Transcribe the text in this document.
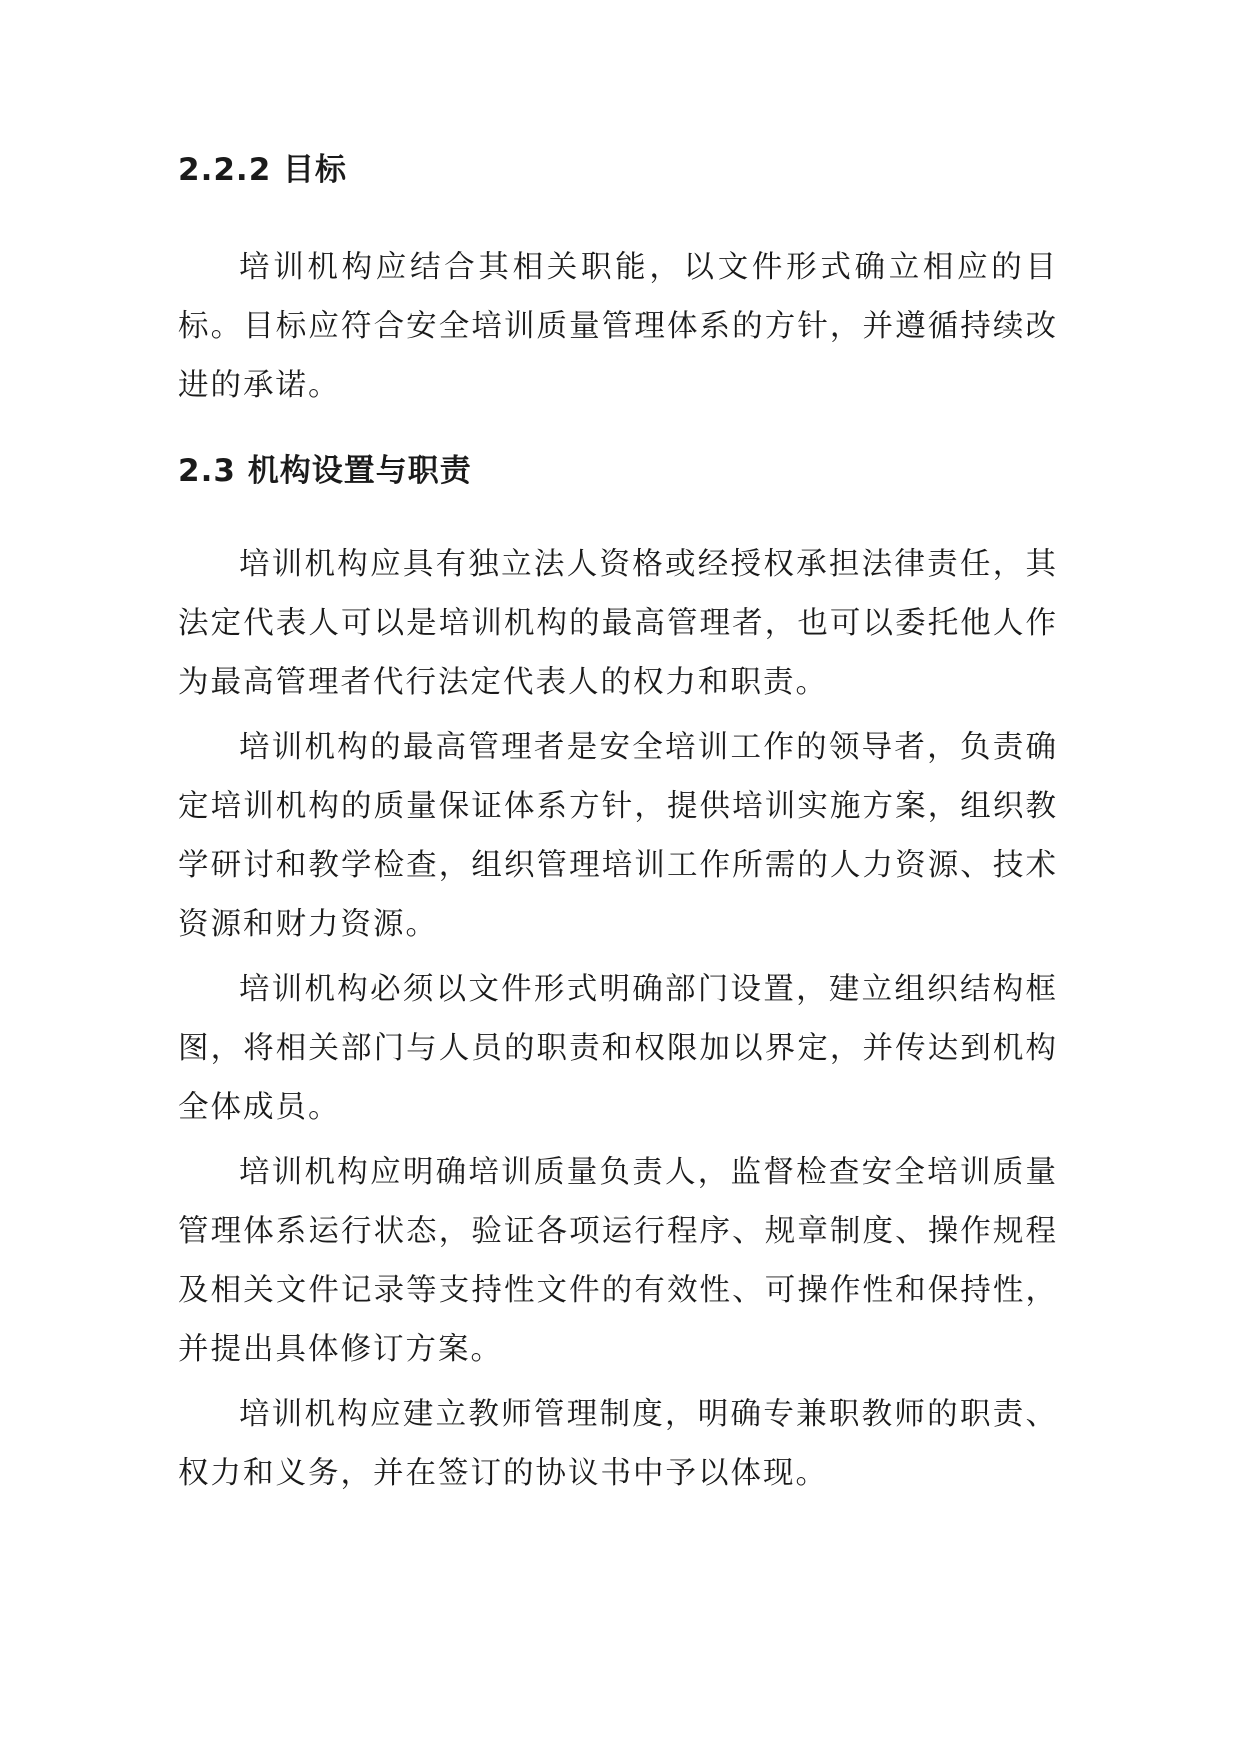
2.2.2 目标

培训机构应结合其相关职能，以文件形式确立相应的目标。目标应符合安全培训质量管理体系的方针，并遵循持续改进的承诺。

2.3 机构设置与职责

培训机构应具有独立法人资格或经授权承担法律责任，其法定代表人可以是培训机构的最高管理者，也可以委托他人作为最高管理者代行法定代表人的权力和职责。

培训机构的最高管理者是安全培训工作的领导者，负责确定培训机构的质量保证体系方针，提供培训实施方案，组织教学研讨和教学检查，组织管理培训工作所需的人力资源、技术资源和财力资源。

培训机构必须以文件形式明确部门设置，建立组织结构框图，将相关部门与人员的职责和权限加以界定，并传达到机构全体成员。

培训机构应明确培训质量负责人，监督检查安全培训质量管理体系运行状态，验证各项运行程序、规章制度、操作规程及相关文件记录等支持性文件的有效性、可操作性和保持性，并提出具体修订方案。

培训机构应建立教师管理制度，明确专兼职教师的职责、权力和义务，并在签订的协议书中予以体现。
